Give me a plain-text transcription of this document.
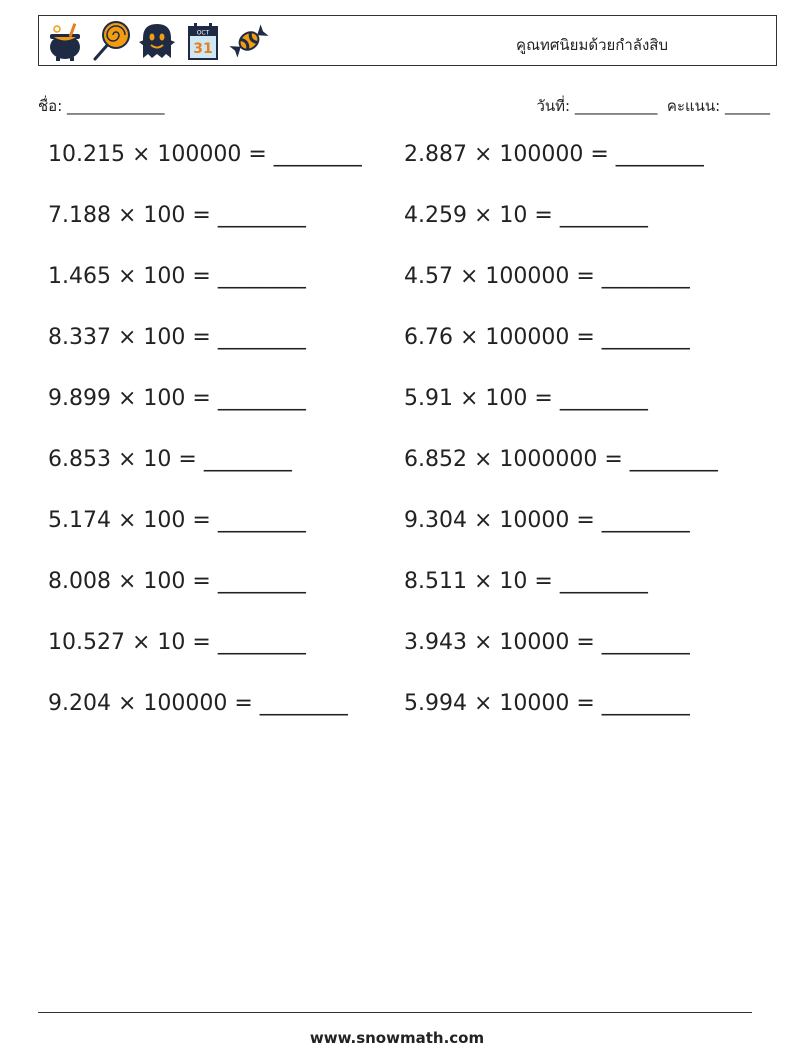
OCT
31	คูณทศนิยมด้วยกำลังสิบ
ชื่อ: _____________	วันที่: ___________ คะแนน: ______
10.215 × 100000 = ________ 2.887 × 100000 = ________
7.188 × 100 = ________	4.259 × 10 = ________
1.465 × 100 = ________	4.57 × 100000 = ________
8.337 × 100 = ________	6.76 × 100000 = ________
9.899 × 100 = ________	5.91 × 100 = ________
6.853 × 10 = ________	6.852 × 1000000 = ________
5.174 × 100 = ________	9.304 × 10000 = ________
8.008 × 100 = ________	8.511 × 10 = ________
10.527 × 10 = ________	3.943 × 10000 = ________
9.204 × 100000 = ________	5.994 × 10000 = ________
www.snowmath.com
